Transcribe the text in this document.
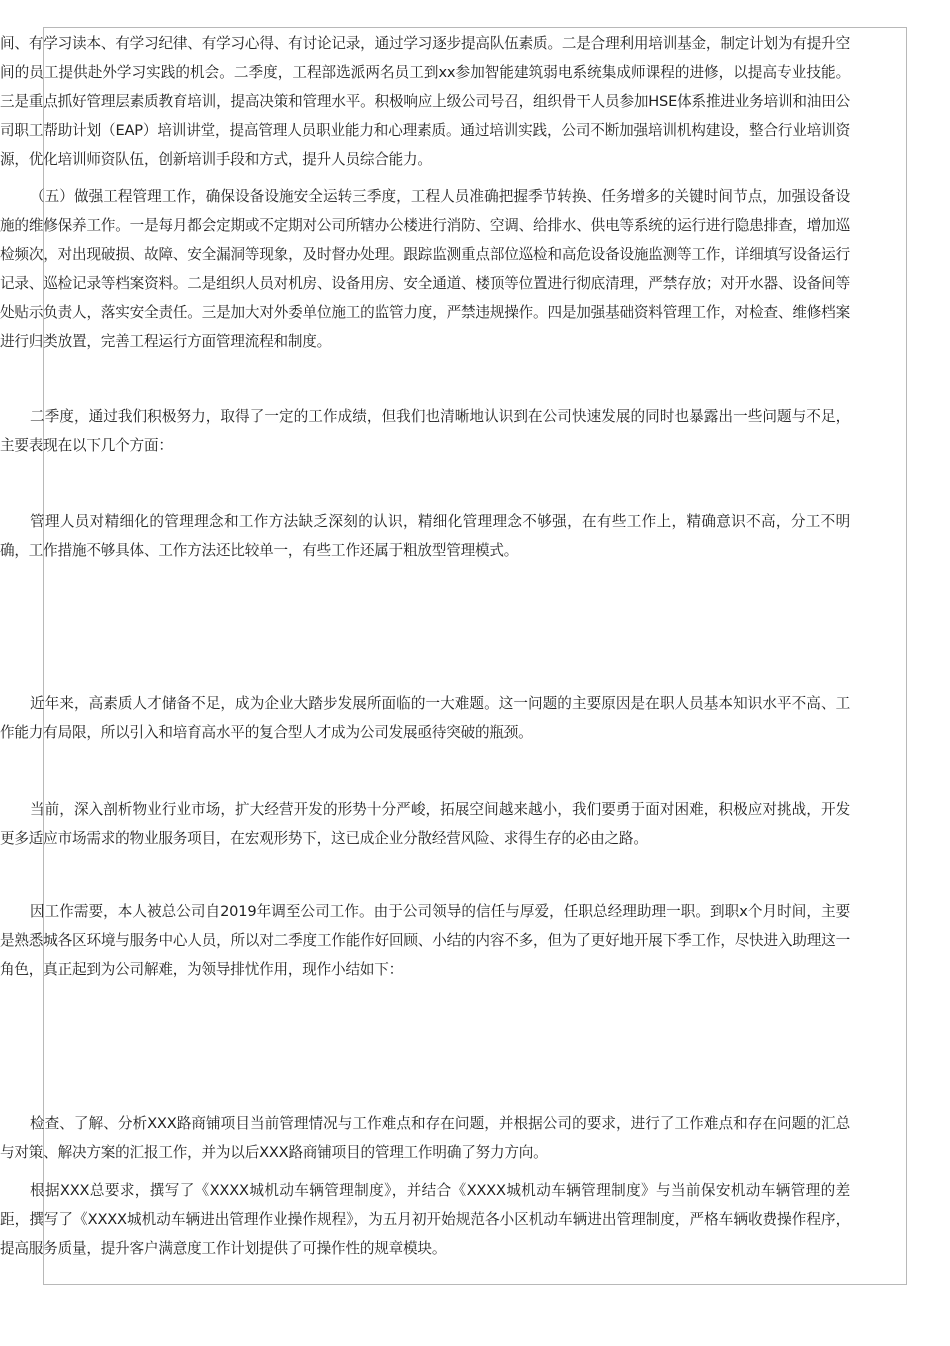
间、有学习读本、有学习纪律、有学习心得、有讨论记录，通过学习逐步提高队伍素质。二是合理利用培训基金，制定计划为有提升空间的员工提供赴外学习实践的机会。二季度，工程部选派两名员工到xx参加智能建筑弱电系统集成师课程的进修，以提高专业技能。三是重点抓好管理层素质教育培训，提高决策和管理水平。积极响应上级公司号召，组织骨干人员参加HSE体系推进业务培训和油田公司职工帮助计划（EAP）培训讲堂，提高管理人员职业能力和心理素质。通过培训实践，公司不断加强培训机构建设，整合行业培训资源，优化培训师资队伍，创新培训手段和方式，提升人员综合能力。

（五）做强工程管理工作，确保设备设施安全运转三季度，工程人员准确把握季节转换、任务增多的关键时间节点，加强设备设施的维修保养工作。一是每月都会定期或不定期对公司所辖办公楼进行消防、空调、给排水、供电等系统的运行进行隐患排查，增加巡检频次，对出现破损、故障、安全漏洞等现象，及时督办处理。跟踪监测重点部位巡检和高危设备设施监测等工作，详细填写设备运行记录、巡检记录等档案资料。二是组织人员对机房、设备用房、安全通道、楼顶等位置进行彻底清理，严禁存放；对开水器、设备间等处贴示负责人，落实安全责任。三是加大对外委单位施工的监管力度，严禁违规操作。四是加强基础资料管理工作，对检查、维修档案进行归类放置，完善工程运行方面管理流程和制度。

二季度，通过我们积极努力，取得了一定的工作成绩，但我们也清晰地认识到在公司快速发展的同时也暴露出一些问题与不足，主要表现在以下几个方面：

管理人员对精细化的管理理念和工作方法缺乏深刻的认识，精细化管理理念不够强，在有些工作上，精确意识不高，分工不明确，工作措施不够具体、工作方法还比较单一，有些工作还属于粗放型管理模式。

近年来，高素质人才储备不足，成为企业大踏步发展所面临的一大难题。这一问题的主要原因是在职人员基本知识水平不高、工作能力有局限，所以引入和培育高水平的复合型人才成为公司发展亟待突破的瓶颈。

当前，深入剖析物业行业市场，扩大经营开发的形势十分严峻，拓展空间越来越小，我们要勇于面对困难，积极应对挑战，开发更多适应市场需求的物业服务项目，在宏观形势下，这已成企业分散经营风险、求得生存的必由之路。

因工作需要，本人被总公司自2019年调至公司工作。由于公司领导的信任与厚爱，任职总经理助理一职。到职x个月时间，主要是熟悉城各区环境与服务中心人员，所以对二季度工作能作好回顾、小结的内容不多，但为了更好地开展下季工作，尽快进入助理这一角色，真正起到为公司解难，为领导排忧作用，现作小结如下：

检查、了解、分析XXX路商铺项目当前管理情况与工作难点和存在问题，并根据公司的要求，进行了工作难点和存在问题的汇总与对策、解决方案的汇报工作，并为以后XXX路商铺项目的管理工作明确了努力方向。

根据XXX总要求，撰写了《XXXX城机动车辆管理制度》，并结合《XXXX城机动车辆管理制度》与当前保安机动车辆管理的差距，撰写了《XXXX城机动车辆进出管理作业操作规程》，为五月初开始规范各小区机动车辆进出管理制度，严格车辆收费操作程序，提高服务质量，提升客户满意度工作计划提供了可操作性的规章模块。
